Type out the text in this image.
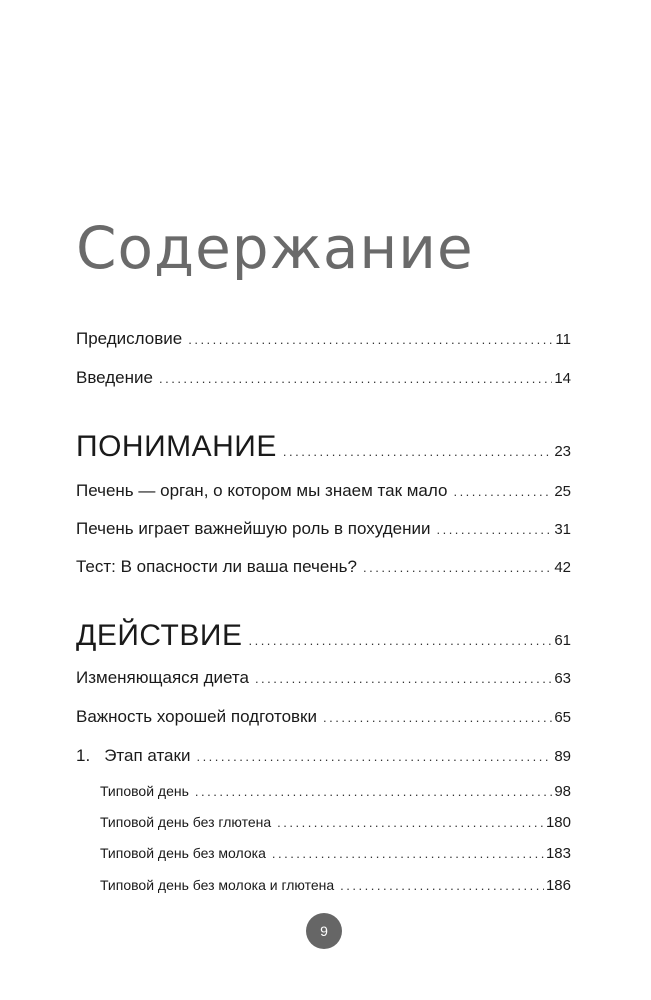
Содержание
Предисловие .....	11
Введение .....	14
ПОНИМАНИЕ .....	23
Печень — орган, о котором мы знаем так мало .....	25
Печень играет важнейшую роль в похудении .....	31
Тест: В опасности ли ваша печень? .....	42
ДЕЙСТВИЕ .....	61
Изменяющаяся диета .....	63
Важность хорошей подготовки .....	65
1. Этап атаки .....	89
Типовой день .....	98
Типовой день без глютена .....	180
Типовой день без молока .....	183
Типовой день без молока и глютена .....	186
9
